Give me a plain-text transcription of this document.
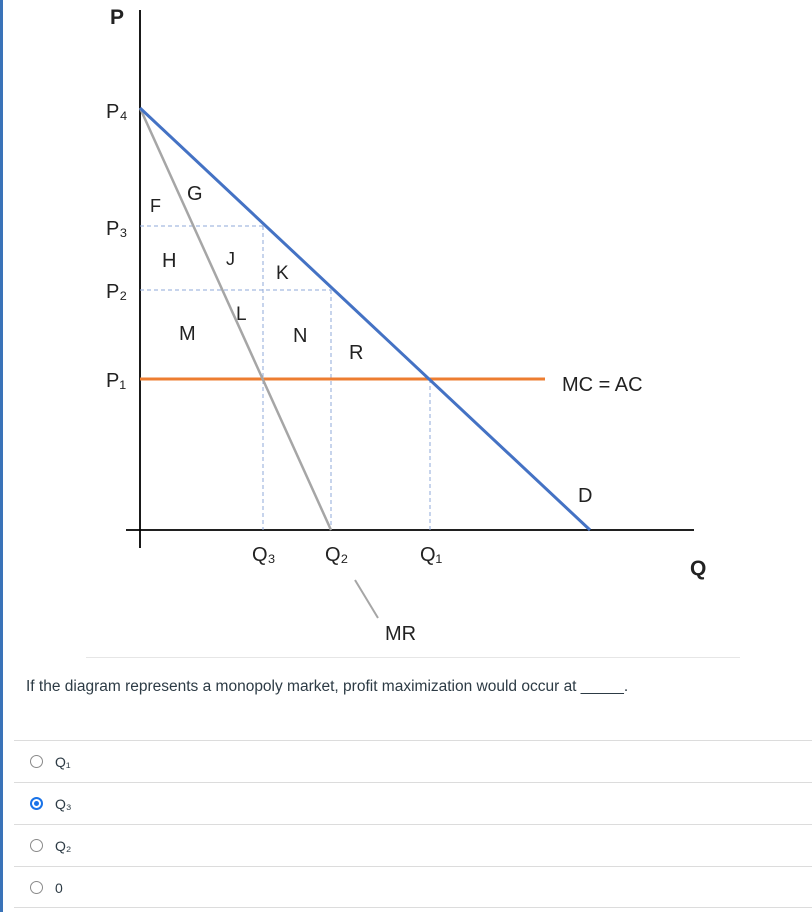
P
Q
P₄
P₃
P₂
P₁
Q₃ Q₂	Q₁
MC = AC
D
MR
F
G
H	J
K
L
M	N
R
If the diagram represents a monopoly market, profit maximization would occur at _____.
Q₁
Q₃
Q₂
0
